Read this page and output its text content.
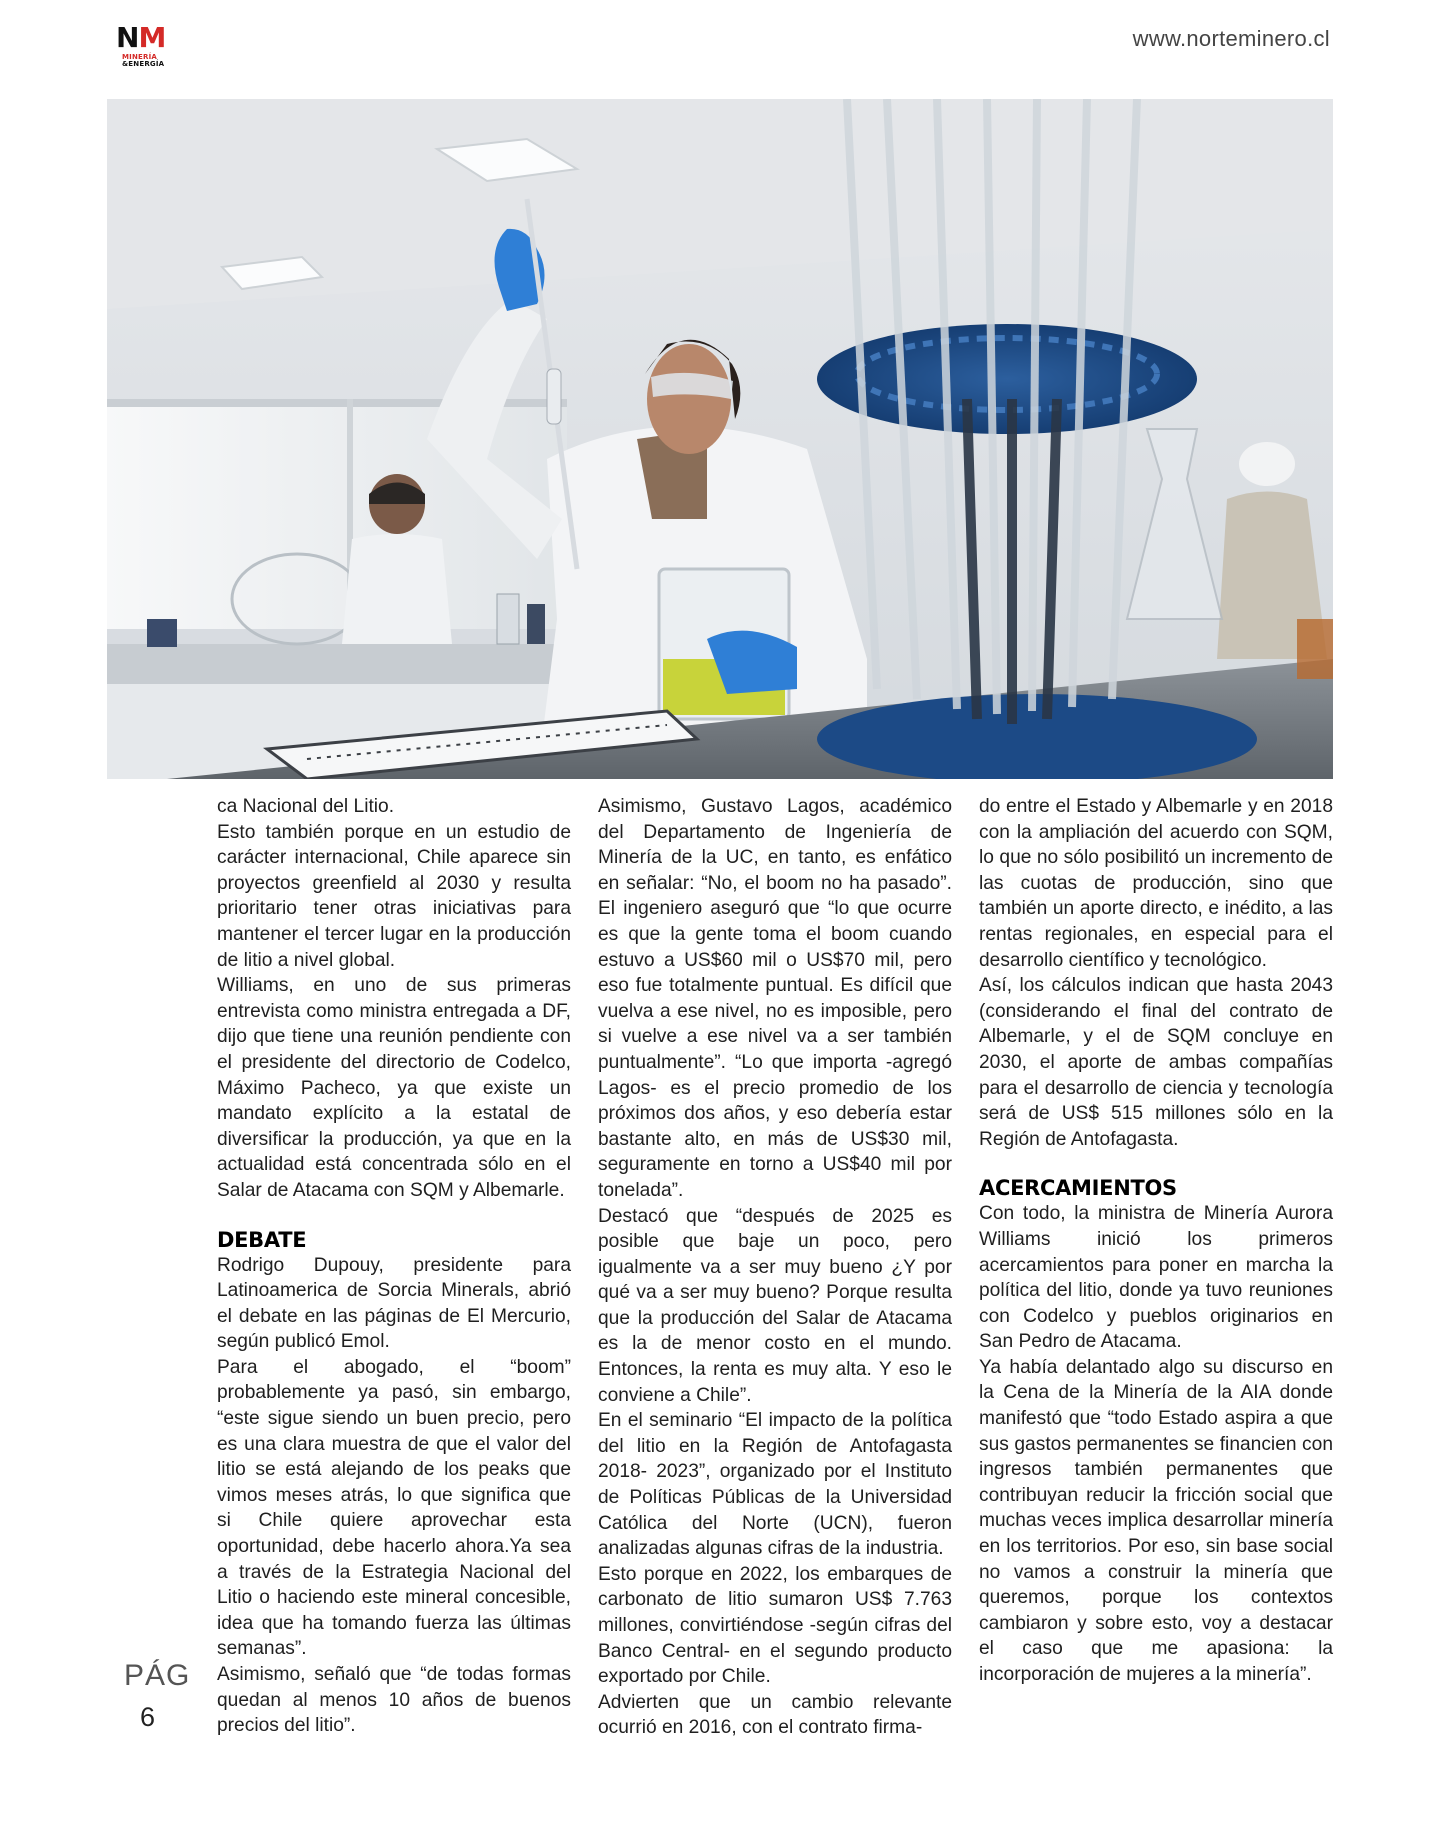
NM
MINERÍA
&ENERGÍA
www.norteminero.cl

ca Nacional del Litio.

Esto también porque en un estudio de carácter internacional, Chile aparece sin proyectos greenfield al 2030 y resulta prioritario tener otras iniciativas para mantener el tercer lugar en la producción de litio a nivel global.

Williams, en uno de sus primeras entrevista como ministra entregada a DF, dijo que tiene una reunión pendiente con el presidente del directorio de Codelco, Máximo Pacheco, ya que existe un mandato explícito a la estatal de diversificar la producción, ya que en la actualidad está concentrada sólo en el Salar de Atacama con SQM y Albemarle.

DEBATE

Rodrigo Dupouy, presidente para Latinoamerica de Sorcia Minerals, abrió el debate en las páginas de El Mercurio, según publicó Emol.

Para el abogado, el “boom” probablemente ya pasó, sin embargo, “este sigue siendo un buen precio, pero es una clara muestra de que el valor del litio se está alejando de los peaks que vimos meses atrás, lo que significa que si Chile quiere aprovechar esta oportunidad, debe hacerlo ahora.Ya sea a través de la Estrategia Nacional del Litio o haciendo este mineral concesible, idea que ha tomando fuerza las últimas semanas”.

Asimismo, señaló que “de todas formas quedan al menos 10 años de buenos precios del litio”.

Asimismo, Gustavo Lagos, académico del Departamento de Ingeniería de Minería de la UC, en tanto, es enfático en señalar: “No, el boom no ha pasado”. El ingeniero aseguró que “lo que ocurre es que la gente toma el boom cuando estuvo a US$60 mil o US$70 mil, pero eso fue totalmente puntual. Es difícil que vuelva a ese nivel, no es imposible, pero si vuelve a ese nivel va a ser también puntualmente”. “Lo que importa -agregó Lagos- es el precio promedio de los próximos dos años, y eso debería estar bastante alto, en más de US$30 mil, seguramente en torno a US$40 mil por tonelada”.

Destacó que “después de 2025 es posible que baje un poco, pero igualmente va a ser muy bueno ¿Y por qué va a ser muy bueno? Porque resulta que la producción del Salar de Atacama es la de menor costo en el mundo. Entonces, la renta es muy alta. Y eso le conviene a Chile”.

En el seminario “El impacto de la política del litio en la Región de Antofagasta 2018- 2023”, organizado por el Instituto de Políticas Públicas de la Universidad Católica del Norte (UCN), fueron analizadas algunas cifras de la industria.

Esto porque en 2022, los embarques de carbonato de litio sumaron US$ 7.763 millones, convirtiéndose -según cifras del Banco Central- en el segundo producto exportado por Chile.

Advierten que un cambio relevante ocurrió en 2016, con el contrato firma-

do entre el Estado y Albemarle y en 2018 con la ampliación del acuerdo con SQM, lo que no sólo posibilitó un incremento de las cuotas de producción, sino que también un aporte directo, e inédito, a las rentas regionales, en especial para el desarrollo científico y tecnológico.

Así, los cálculos indican que hasta 2043 (considerando el final del contrato de Albemarle, y el de SQM concluye en 2030, el aporte de ambas compañías para el desarrollo de ciencia y tecnología será de US$ 515 millones sólo en la Región de Antofagasta.

ACERCAMIENTOS

Con todo, la ministra de Minería Aurora Williams inició los primeros acercamientos para poner en marcha la política del litio, donde ya tuvo reuniones con Codelco y pueblos originarios en San Pedro de Atacama.

Ya había delantado algo su discurso en la Cena de la Minería de la AIA donde manifestó que “todo Estado aspira a que sus gastos permanentes se financien con ingresos también permanentes que contribuyan reducir la fricción social que muchas veces implica desarrollar minería en los territorios. Por eso, sin base social no vamos a construir la minería que queremos, porque los contextos cambiaron y sobre esto, voy a destacar el caso que me apasiona: la incorporación de mujeres a la minería”.

PÁG
6
